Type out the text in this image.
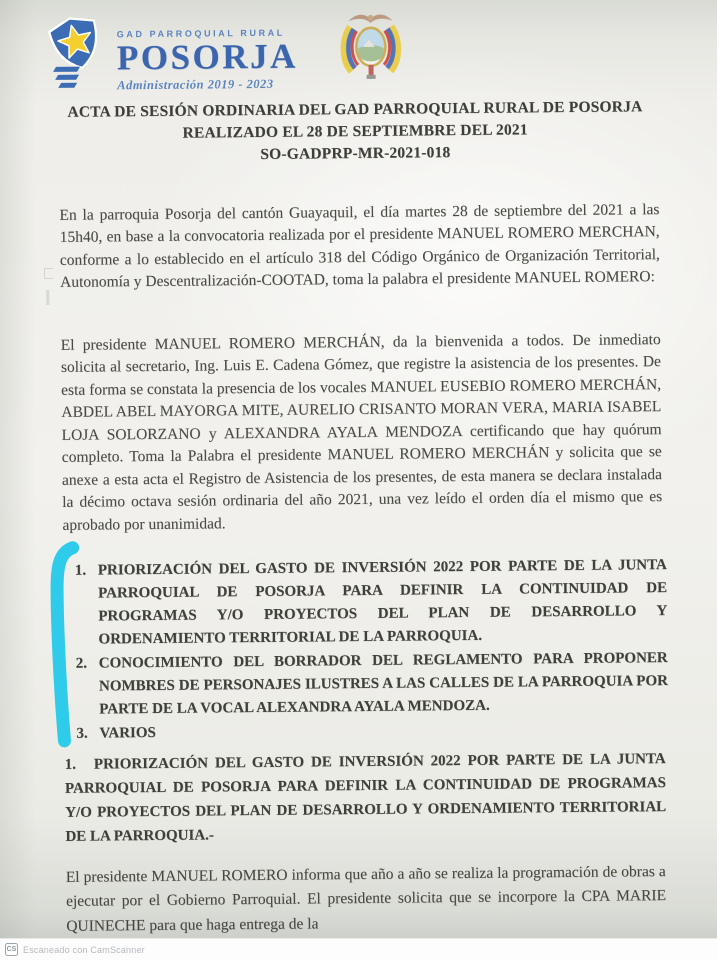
GAD PARROQUIAL RURAL
POSORJA
Administración 2019 - 2023
ACTA DE SESIÓN ORDINARIA DEL GAD PARROQUIAL RURAL DE POSORJA
REALIZADO EL 28 DE SEPTIEMBRE DEL 2021
SO-GADPRP-MR-2021-018

En la parroquia Posorja del cantón Guayaquil, el día martes 28 de septiembre del 2021 a las 15h40, en base a la convocatoria realizada por el presidente MANUEL ROMERO MERCHAN, conforme a lo establecido en el artículo 318 del Código Orgánico de Organización Territorial, Autonomía y Descentralización-COOTAD, toma la palabra el presidente MANUEL ROMERO:

El presidente MANUEL ROMERO MERCHÁN, da la bienvenida a todos. De inmediato solicita al secretario, Ing. Luis E. Cadena Gómez, que registre la asistencia de los presentes. De esta forma se constata la presencia de los vocales MANUEL EUSEBIO ROMERO MERCHÁN, ABDEL ABEL MAYORGA MITE, AURELIO CRISANTO MORAN VERA, MARIA ISABEL LOJA SOLORZANO y ALEXANDRA AYALA MENDOZA certificando que hay quórum completo. Toma la Palabra el presidente MANUEL ROMERO MERCHÁN y solicita que se anexe a esta acta el Registro de Asistencia de los presentes, de esta manera se declara instalada la décimo octava sesión ordinaria del año 2021, una vez leído el orden día el mismo que es aprobado por unanimidad.

1. PRIORIZACIÓN DEL GASTO DE INVERSIÓN 2022 POR PARTE DE LA JUNTA PARROQUIAL DE POSORJA PARA DEFINIR LA CONTINUIDAD DE PROGRAMAS Y/O PROYECTOS DEL PLAN DE DESARROLLO Y ORDENAMIENTO TERRITORIAL DE LA PARROQUIA.
2. CONOCIMIENTO DEL BORRADOR DEL REGLAMENTO PARA PROPONER NOMBRES DE PERSONAJES ILUSTRES A LAS CALLES DE LA PARROQUIA POR PARTE DE LA VOCAL ALEXANDRA AYALA MENDOZA.
3. VARIOS
1. PRIORIZACIÓN DEL GASTO DE INVERSIÓN 2022 POR PARTE DE LA JUNTA PARROQUIAL DE POSORJA PARA DEFINIR LA CONTINUIDAD DE PROGRAMAS Y/O PROYECTOS DEL PLAN DE DESARROLLO Y ORDENAMIENTO TERRITORIAL DE LA PARROQUIA.-

El presidente MANUEL ROMERO informa que año a año se realiza la programación de obras a ejecutar por el Gobierno Parroquial. El presidente solicita que se incorpore la CPA MARIE QUINECHE para que haga entrega de la

CS Escaneado con CamScanner
